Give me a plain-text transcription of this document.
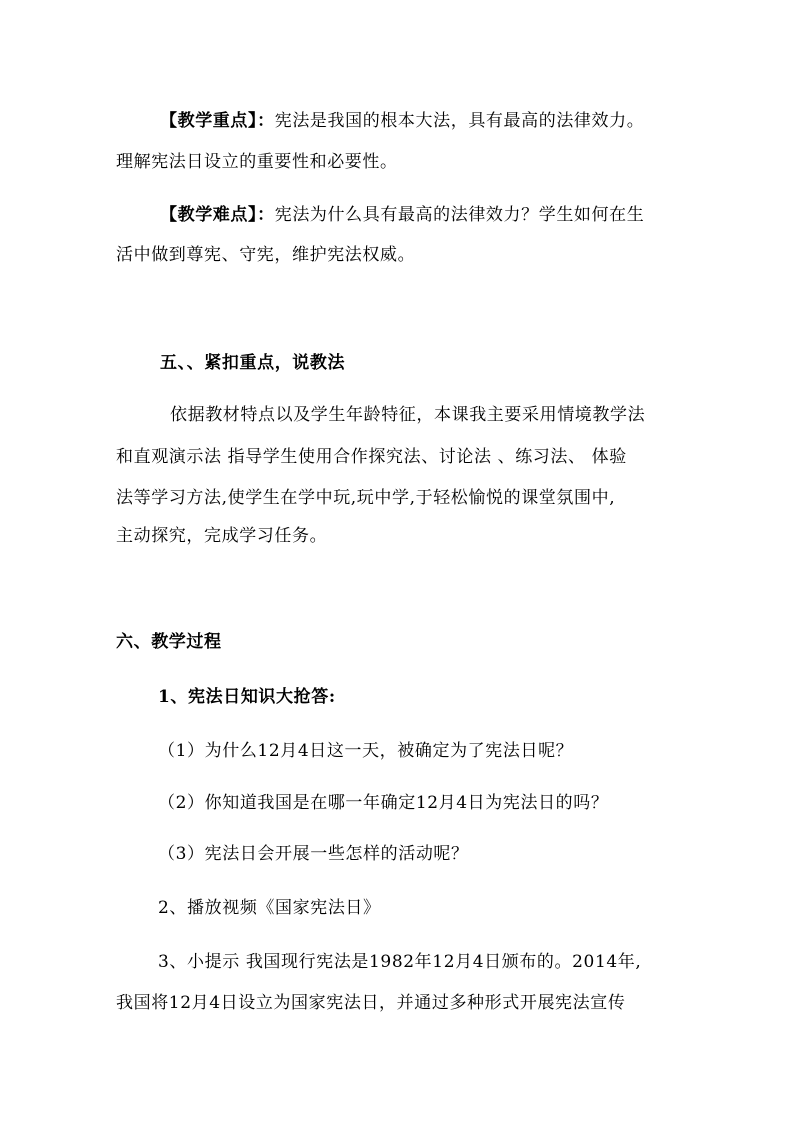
【教学重点】：宪法是我国的根本大法，具有最高的法律效力。
理解宪法日设立的重要性和必要性。
【教学难点】：宪法为什么具有最高的法律效力？学生如何在生
活中做到尊宪、守宪，维护宪法权威。
五、、紧扣重点，说教法
依据教材特点以及学生年龄特征，本课我主要采用情境教学法
和直观演示法 指导学生使用合作探究法、讨论法 、练习法、 体验
法等学习方法,使学生在学中玩,玩中学,于轻松愉悦的课堂氛围中,
主动探究，完成学习任务。
六、教学过程
1、宪法日知识大抢答:
（1）为什么12月4日这一天，被确定为了宪法日呢？
（2）你知道我国是在哪一年确定12月4日为宪法日的吗？
（3）宪法日会开展一些怎样的活动呢？
2、播放视频《国家宪法日》
3、小提示 我国现行宪法是1982年12月4日颁布的。2014年,
我国将12月4日设立为国家宪法日，并通过多种形式开展宪法宣传
